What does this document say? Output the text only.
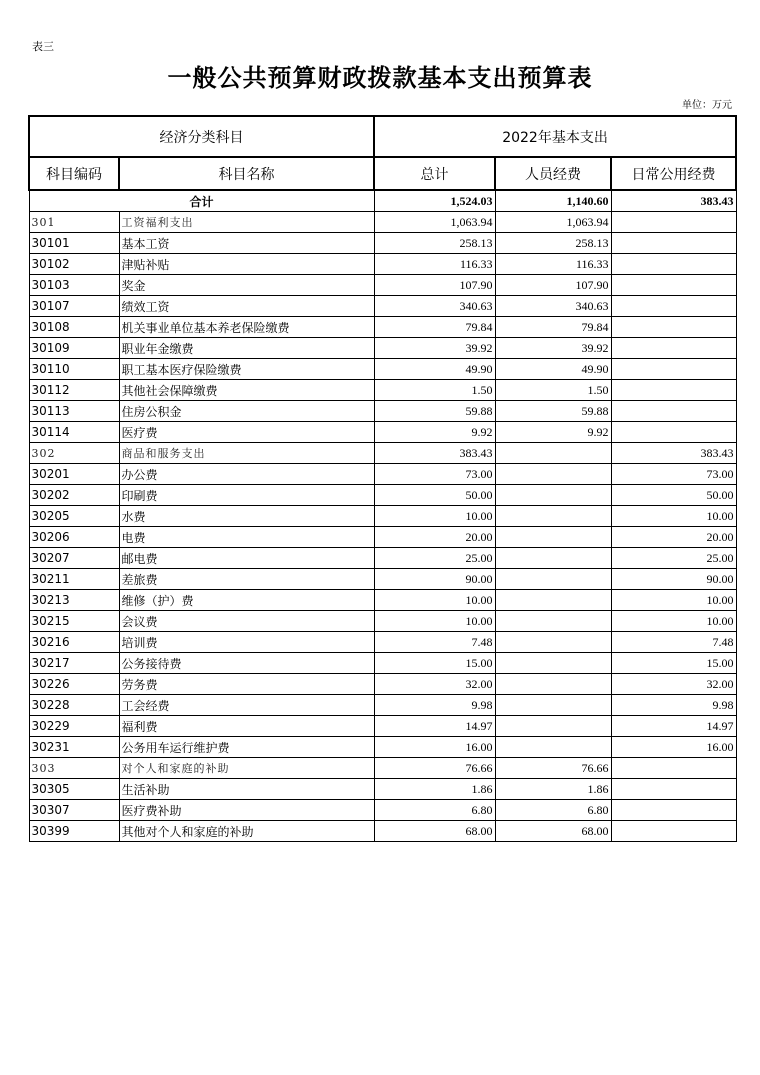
表三
一般公共预算财政拨款基本支出预算表
单位：万元
经济分类科目		2022年基本支出		
科目编码	科目名称	总计	人员经费	日常公用经费
合计		1,524.03	1,140.60	383.43
301	工资福利支出	1,063.94	1,063.94	
30101	基本工资	258.13	258.13	
30102	津贴补贴	116.33	116.33	
30103	奖金	107.90	107.90	
30107	绩效工资	340.63	340.63	
30108	机关事业单位基本养老保险缴费	79.84	79.84	
30109	职业年金缴费	39.92	39.92	
30110	职工基本医疗保险缴费	49.90	49.90	
30112	其他社会保障缴费	1.50	1.50	
30113	住房公积金	59.88	59.88	
30114	医疗费	9.92	9.92	
302	商品和服务支出	383.43		383.43
30201	办公费	73.00		73.00
30202	印刷费	50.00		50.00
30205	水费	10.00		10.00
30206	电费	20.00		20.00
30207	邮电费	25.00		25.00
30211	差旅费	90.00		90.00
30213	维修（护）费	10.00		10.00
30215	会议费	10.00		10.00
30216	培训费	7.48		7.48
30217	公务接待费	15.00		15.00
30226	劳务费	32.00		32.00
30228	工会经费	9.98		9.98
30229	福利费	14.97		14.97
30231	公务用车运行维护费	16.00		16.00
303	对个人和家庭的补助	76.66	76.66	
30305	生活补助	1.86	1.86	
30307	医疗费补助	6.80	6.80	
30399	其他对个人和家庭的补助	68.00	68.00	
